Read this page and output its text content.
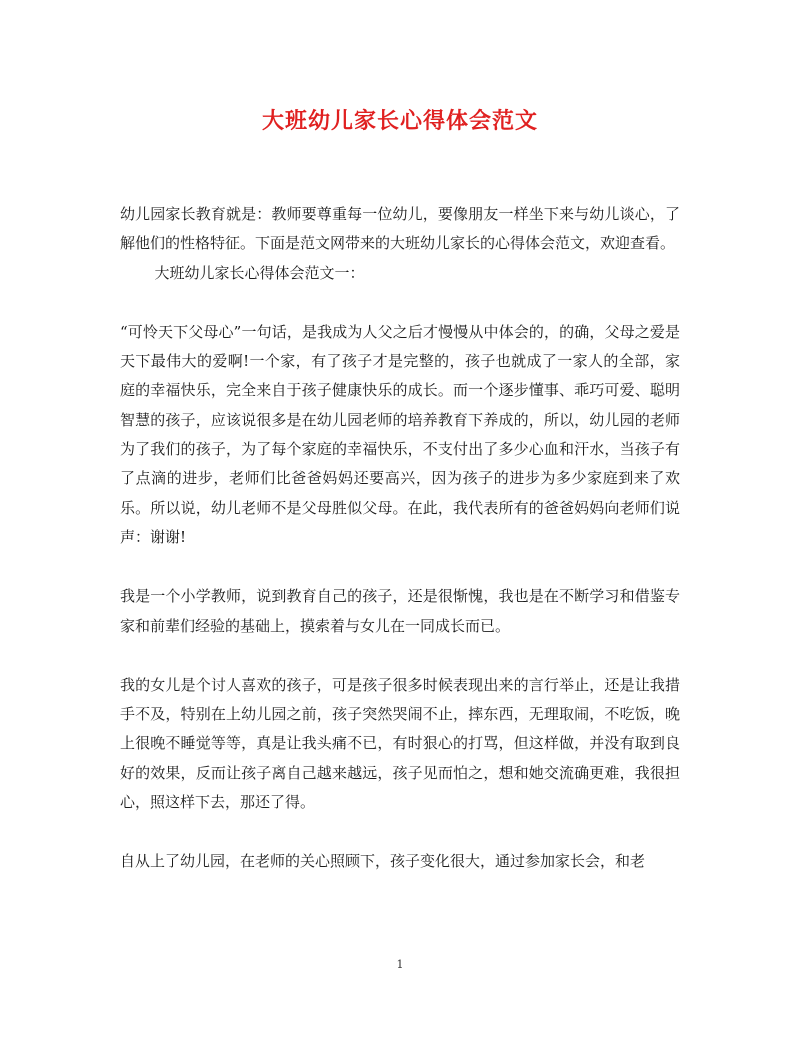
大班幼儿家长心得体会范文

幼儿园家长教育就是：教师要尊重每一位幼儿，要像朋友一样坐下来与幼儿谈心，了解他们的性格特征。下面是范文网带来的大班幼儿家长的心得体会范文，欢迎查看。

大班幼儿家长心得体会范文一：

“可怜天下父母心”一句话，是我成为人父之后才慢慢从中体会的，的确，父母之爱是天下最伟大的爱啊!一个家，有了孩子才是完整的，孩子也就成了一家人的全部，家庭的幸福快乐，完全来自于孩子健康快乐的成长。而一个逐步懂事、乖巧可爱、聪明智慧的孩子，应该说很多是在幼儿园老师的培养教育下养成的，所以，幼儿园的老师为了我们的孩子，为了每个家庭的幸福快乐，不支付出了多少心血和汗水，当孩子有了点滴的进步，老师们比爸爸妈妈还要高兴，因为孩子的进步为多少家庭到来了欢乐。所以说，幼儿老师不是父母胜似父母。在此，我代表所有的爸爸妈妈向老师们说声：谢谢!

我是一个小学教师，说到教育自己的孩子，还是很惭愧，我也是在不断学习和借鉴专家和前辈们经验的基础上，摸索着与女儿在一同成长而已。

我的女儿是个讨人喜欢的孩子，可是孩子很多时候表现出来的言行举止，还是让我措手不及，特别在上幼儿园之前，孩子突然哭闹不止，摔东西，无理取闹，不吃饭，晚上很晚不睡觉等等，真是让我头痛不已，有时狠心的打骂，但这样做，并没有取到良好的效果，反而让孩子离自己越来越远，孩子见而怕之，想和她交流确更难，我很担心，照这样下去，那还了得。

自从上了幼儿园，在老师的关心照顾下，孩子变化很大，通过参加家长会，和老

1
